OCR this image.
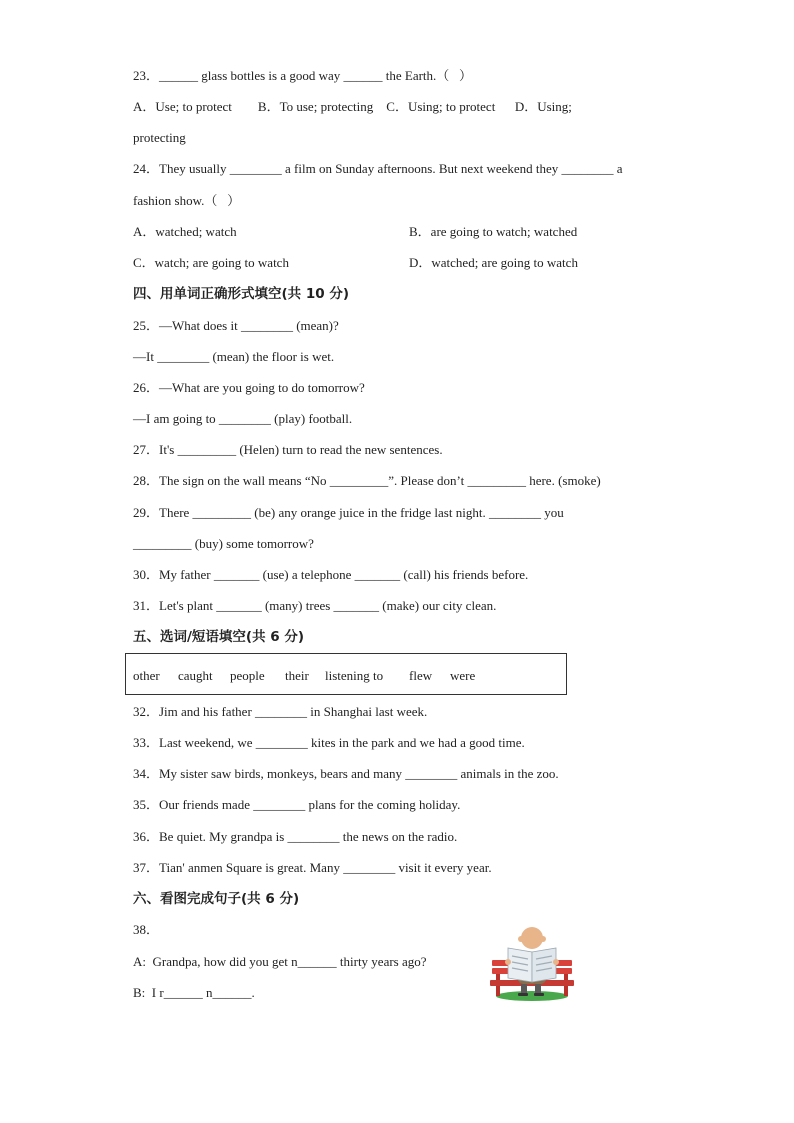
23．______ glass bottles is a good way ______ the Earth.（   ）
A．Use; to protect        B．To use; protecting    C．Using; to protect      D．Using;
protecting
24．They usually ________ a film on Sunday afternoons. But next weekend they ________ a
fashion show.（   ）
A．watched; watch	B．are going to watch; watched
C．watch; are going to watch	D．watched; are going to watch
四、用单词正确形式填空(共 10 分)
25．—What does it ________ (mean)?
—It ________ (mean) the floor is wet.
26．—What are you going to do tomorrow?
—I am going to ________ (play) football.
27．It's _________ (Helen) turn to read the new sentences.
28．The sign on the wall means “No _________”. Please don’t _________ here. (smoke)
29．There _________ (be) any orange juice in the fridge last night. ________ you
_________ (buy) some tomorrow?
30．My father _______ (use) a telephone _______ (call) his friends before.
31．Let's plant _______ (many) trees _______ (make) our city clean.
五、选词/短语填空(共 6 分)
other caught people their listening to flew were
32．Jim and his father ________ in Shanghai last week.
33．Last weekend, we ________ kites in the park and we had a good time.
34．My sister saw birds, monkeys, bears and many ________ animals in the zoo.
35．Our friends made ________ plans for the coming holiday.
36．Be quiet. My grandpa is ________ the news on the radio.
37．Tian' anmen Square is great. Many ________ visit it every year.
六、看图完成句子(共 6 分)
38．
A:  Grandpa, how did you get n______ thirty years ago?
B:  I r______ n______.
